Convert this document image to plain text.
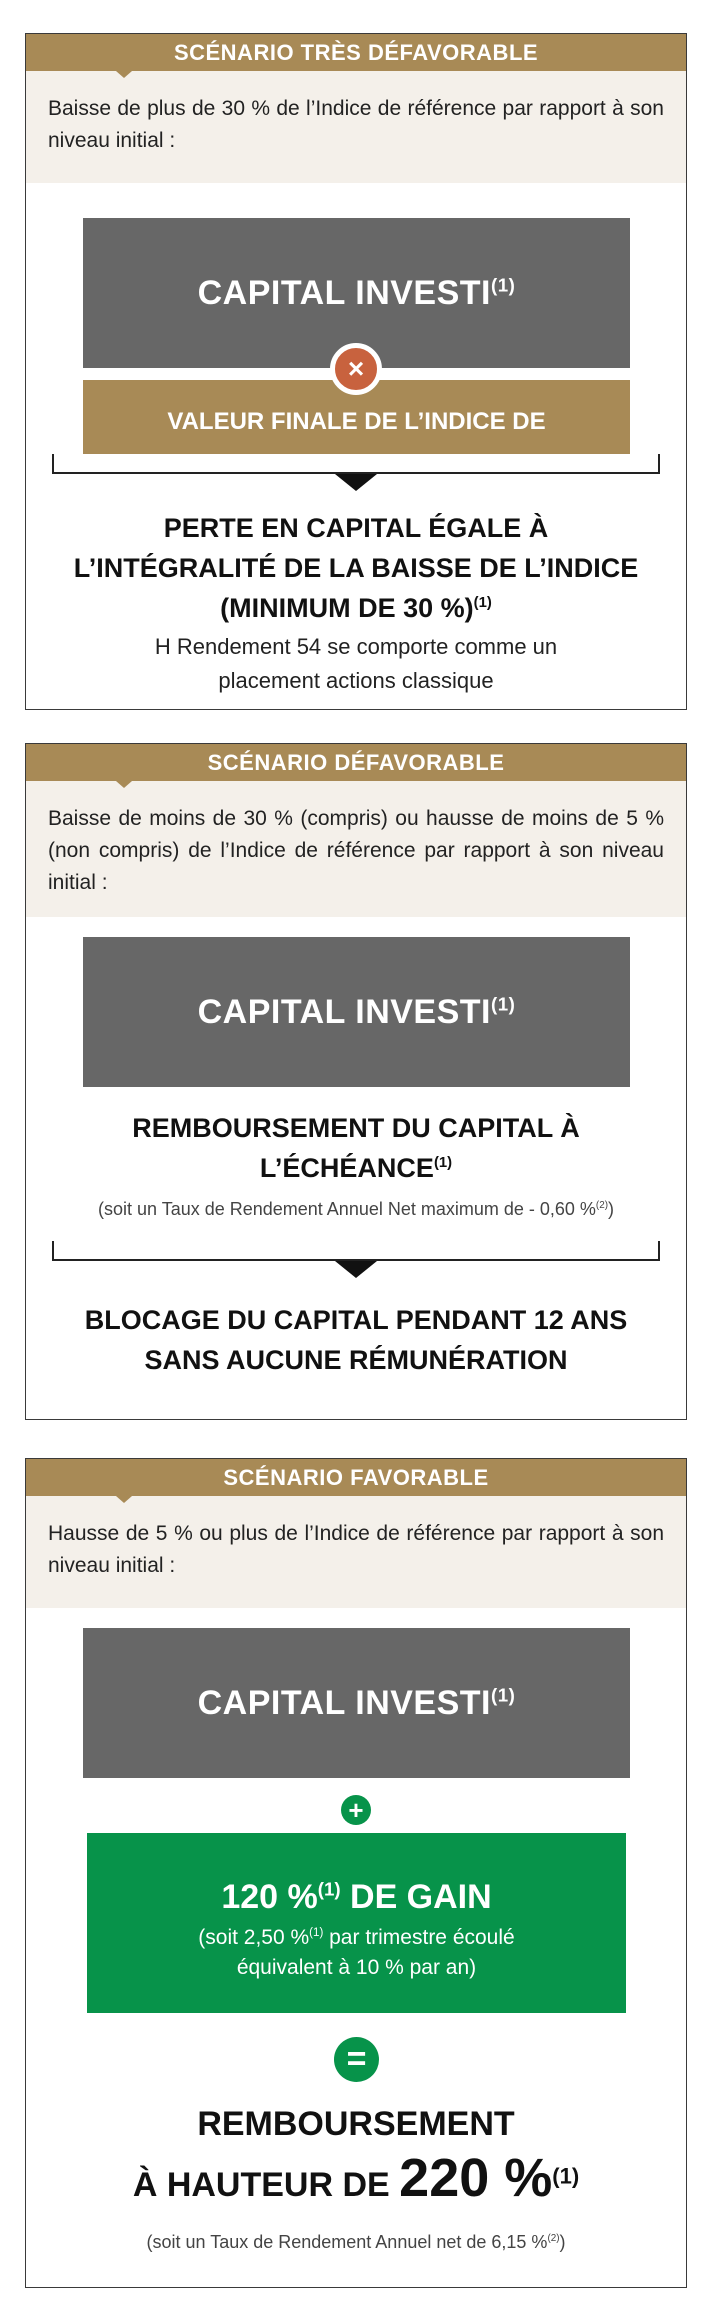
SCÉNARIO TRÈS DÉFAVORABLE
Baisse de plus de 30 % de l’Indice de référence par rapport à son niveau initial :
CAPITAL INVESTI$^{(1)}$
VALEUR FINALE DE L’INDICE DE $RÉFÉRENCE^{(3)}$
×
PERTE EN CAPITAL ÉGALE À
L’INTÉGRALITÉ DE LA BAISSE DE L’INDICE
(MINIMUM DE 30 %)$^{(1)}$
H Rendement 54 se comporte comme un
placement actions classique
SCÉNARIO DÉFAVORABLE
Baisse de moins de 30 % (compris) ou hausse de moins de 5 % (non compris) de l’Indice de référence par rapport à son niveau initial :
CAPITAL INVESTI$^{(1)}$
REMBOURSEMENT DU CAPITAL À
L’ÉCHÉANCE$^{(1)}$
(soit un Taux de Rendement Annuel Net maximum de - 0,60 %$^{(2)}$)
BLOCAGE DU CAPITAL PENDANT 12 ANS
SANS AUCUNE RÉMUNÉRATION
SCÉNARIO FAVORABLE
Hausse de 5 % ou plus de l’Indice de référence par rapport à son niveau initial :
CAPITAL $INVESTI^{(1)}$
+
120 %$^{(1)}$ DE GAIN
(soit 2,50 %$^{(1)}$ par trimestre écoulé
équivalent à 10 % par an)
=
REMBOURSEMENT
À HAUTEUR DE 220 %$^{(1)}$
(soit un Taux de Rendement Annuel net de 6,15 %$^{(2)}$)
